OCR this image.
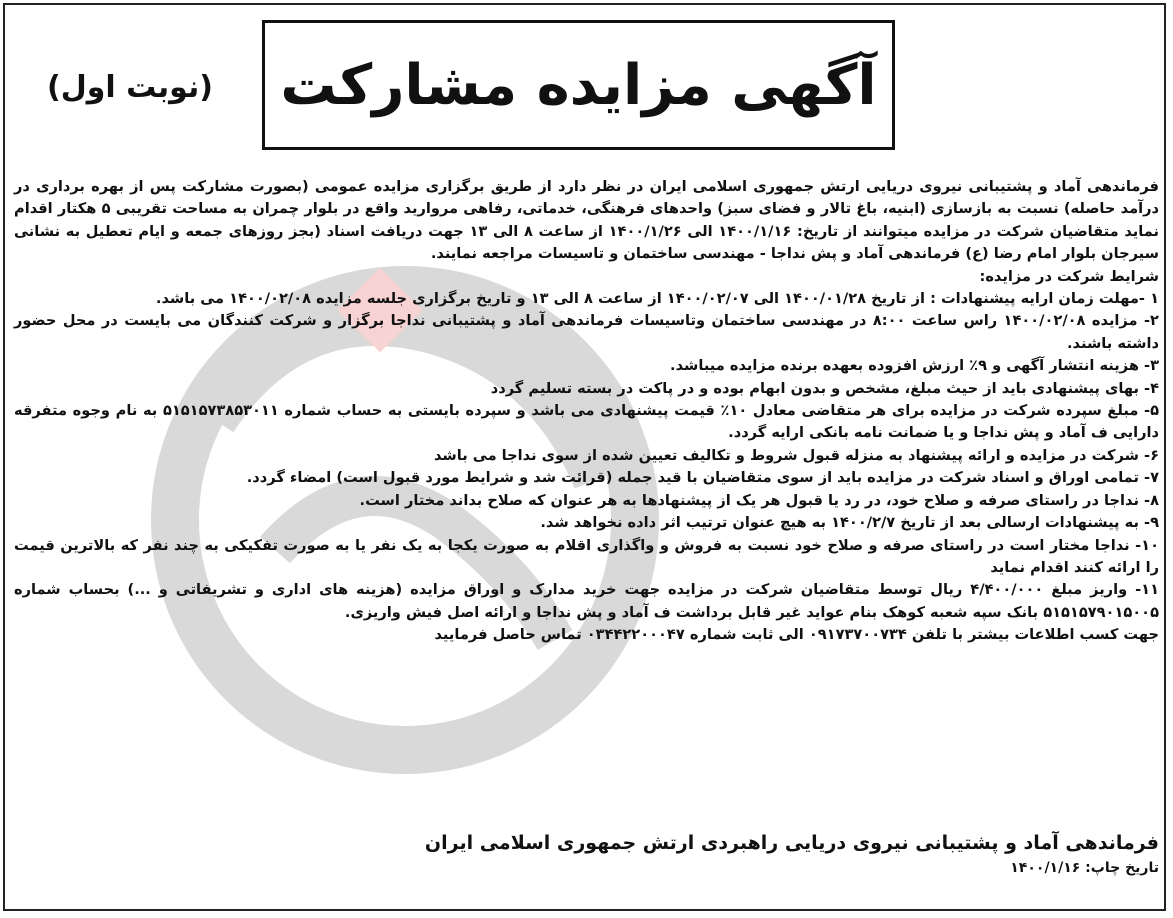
آگهی مزایده مشارکت
(نوبت اول)

فرماندهی آماد و پشتیبانی نیروی دریایی ارتش جمهوری اسلامی ایران در نظر دارد از طریق برگزاری مزایده عمومی (بصورت مشارکت پس از بهره برداری در درآمد حاصله) نسبت به بازسازی (ابنیه، باغ تالار و فضای سبز) واحدهای فرهنگی، خدماتی، رفاهی مروارید واقع در بلوار چمران به مساحت تقریبی ۵ هکتار اقدام نماید متقاضیان شرکت در مزایده میتوانند از تاریخ: ۱۴۰۰/۱/۱۶ الی ۱۴۰۰/۱/۲۶ از ساعت ۸ الی ۱۳ جهت دریافت اسناد (بجز روزهای جمعه و ایام تعطیل به نشانی سیرجان بلوار امام رضا (ع) فرماندهی آماد و پش نداجا - مهندسی ساختمان و تاسیسات مراجعه نمایند.

شرایط شرکت در مزایده:

۱ -مهلت زمان ارایه پیشنهادات : از تاریخ ۱۴۰۰/۰۱/۲۸ الی ۱۴۰۰/۰۲/۰۷ از ساعت ۸ الی ۱۳ و تاریخ برگزاری جلسه مزایده ۱۴۰۰/۰۲/۰۸ می باشد.

۲- مزایده ۱۴۰۰/۰۲/۰۸ راس ساعت ۸:۰۰ در مهندسی ساختمان وتاسیسات فرماندهی آماد و پشتیبانی نداجا برگزار و شرکت کنندگان می بایست در محل حضور داشته باشند.

۳- هزینه انتشار آگهی و ۹٪ ارزش افزوده بعهده برنده مزایده میباشد.

۴- بهای پیشنهادی باید از حیث مبلغ، مشخص و بدون ابهام بوده و در پاکت در بسته تسلیم گردد

۵- مبلغ سپرده شرکت در مزایده برای هر متقاضی معادل ۱۰٪ قیمت پیشنهادی می باشد و سپرده بایستی به حساب شماره ۵۱۵۱۵۷۳۸۵۳۰۱۱ به نام وجوه متفرقه دارایی ف آماد و پش نداجا و یا ضمانت نامه بانکی ارایه گردد.

۶- شرکت در مزایده و ارائه پیشنهاد به منزله قبول شروط و تکالیف تعیین شده از سوی نداجا می باشد

۷- تمامی اوراق و اسناد شرکت در مزایده باید از سوی متقاضیان با قید جمله (قرائت شد و شرایط مورد قبول است) امضاء گردد.

۸- نداجا در راستای صرفه و صلاح خود، در رد یا قبول هر یک از پیشنهادها به هر عنوان که صلاح بداند مختار است.

۹- به پیشنهادات ارسالی بعد از تاریخ ۱۴۰۰/۲/۷ به هیچ عنوان ترتیب اثر داده نخواهد شد.

۱۰- نداجا مختار است در راستای صرفه و صلاح خود نسبت به فروش و واگذاری اقلام به صورت یکجا به یک نفر یا به صورت تفکیکی به چند نفر که بالاترین قیمت را ارائه کنند اقدام نماید

۱۱- واریز مبلغ ۴/۴۰۰/۰۰۰ ریال توسط متقاضیان شرکت در مزایده جهت خرید مدارک و اوراق مزایده (هزینه های اداری و تشریفاتی و ...) بحساب شماره ۵۱۵۱۵۷۹۰۱۵۰۰۵ بانک سپه شعبه کوهک بنام عواید غیر قابل برداشت ف آماد و پش نداجا و ارائه اصل فیش واریزی.

جهت کسب اطلاعات بیشتر با تلفن ۰۹۱۷۳۷۰۰۷۳۴ الی ثابت شماره ۰۳۴۴۲۲۰۰۰۴۷ تماس حاصل فرمایید

فرماندهی آماد و پشتیبانی نیروی دریایی راهبردی ارتش جمهوری اسلامی ایران
تاریخ چاپ: ۱۴۰۰/۱/۱۶
